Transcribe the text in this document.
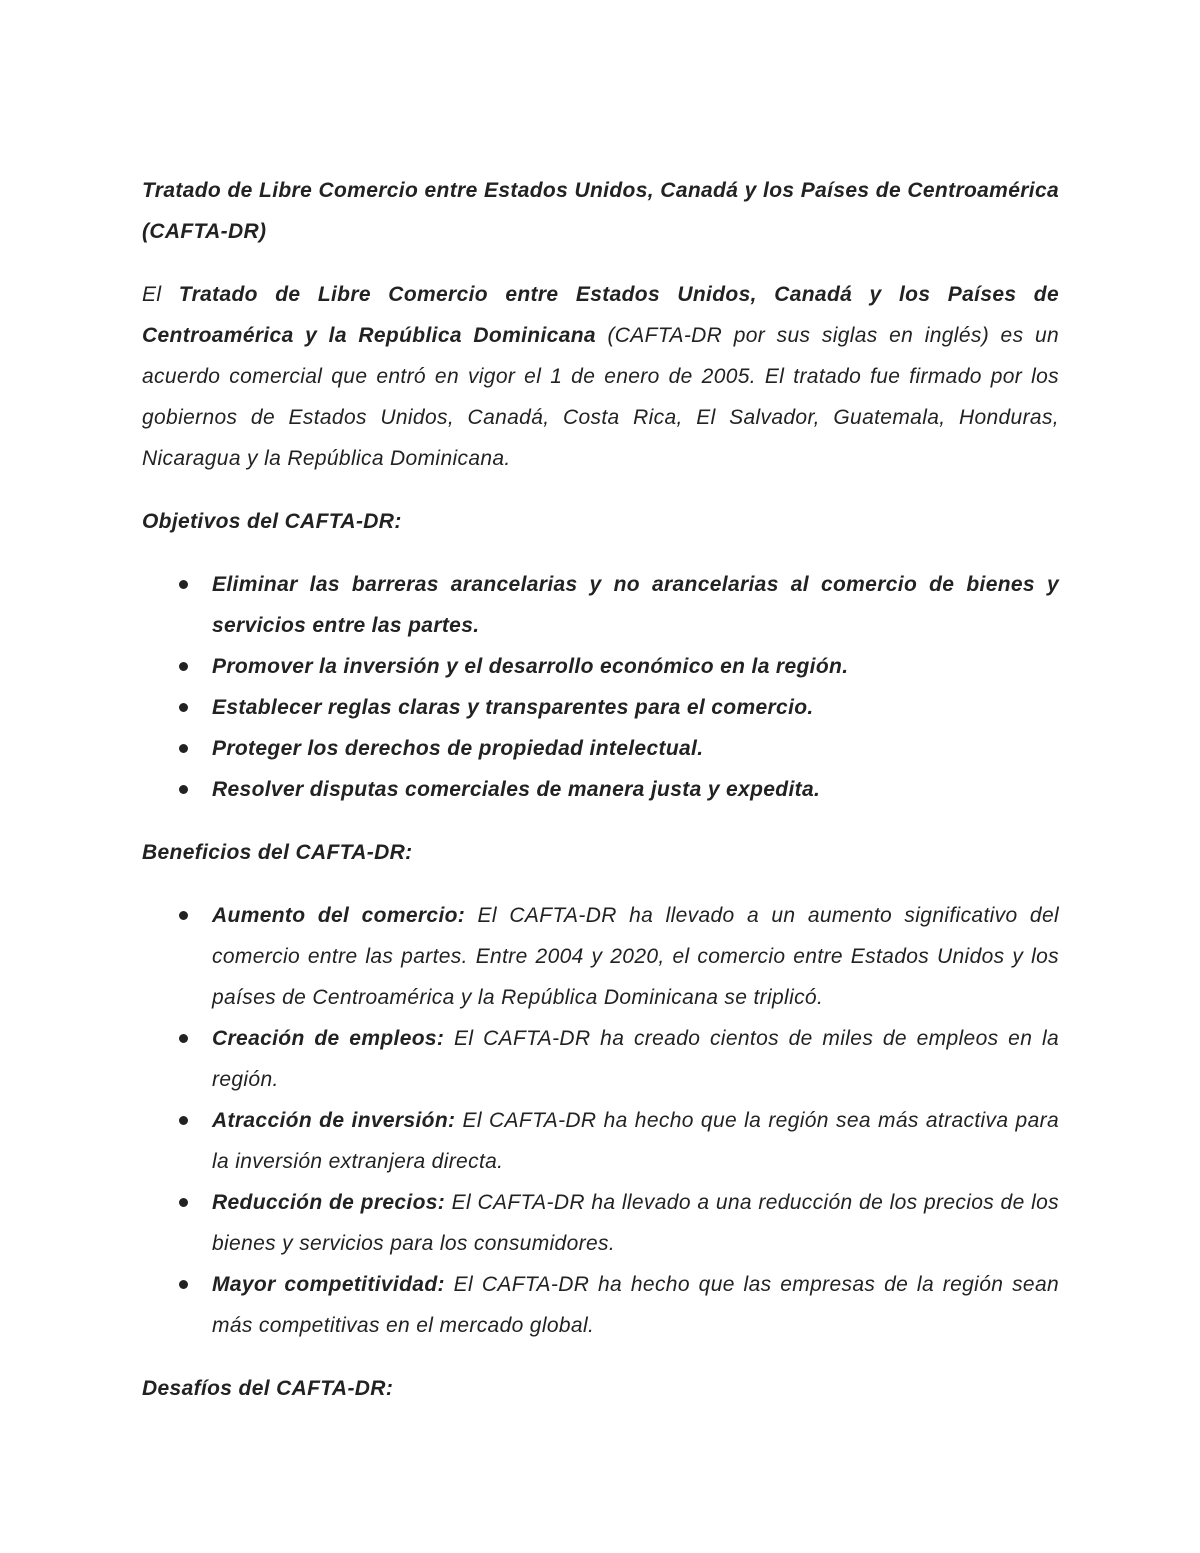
Tratado de Libre Comercio entre Estados Unidos, Canadá y los Países de Centroamérica (CAFTA-DR)

El Tratado de Libre Comercio entre Estados Unidos, Canadá y los Países de Centroamérica y la República Dominicana (CAFTA-DR por sus siglas en inglés) es un acuerdo comercial que entró en vigor el 1 de enero de 2005. El tratado fue firmado por los gobiernos de Estados Unidos, Canadá, Costa Rica, El Salvador, Guatemala, Honduras, Nicaragua y la República Dominicana.

Objetivos del CAFTA-DR:

Eliminar las barreras arancelarias y no arancelarias al comercio de bienes y servicios entre las partes.
Promover la inversión y el desarrollo económico en la región.
Establecer reglas claras y transparentes para el comercio.
Proteger los derechos de propiedad intelectual.
Resolver disputas comerciales de manera justa y expedita.

Beneficios del CAFTA-DR:

Aumento del comercio: El CAFTA-DR ha llevado a un aumento significativo del comercio entre las partes. Entre 2004 y 2020, el comercio entre Estados Unidos y los países de Centroamérica y la República Dominicana se triplicó.
Creación de empleos: El CAFTA-DR ha creado cientos de miles de empleos en la región.
Atracción de inversión: El CAFTA-DR ha hecho que la región sea más atractiva para la inversión extranjera directa.
Reducción de precios: El CAFTA-DR ha llevado a una reducción de los precios de los bienes y servicios para los consumidores.
Mayor competitividad: El CAFTA-DR ha hecho que las empresas de la región sean más competitivas en el mercado global.

Desafíos del CAFTA-DR:
